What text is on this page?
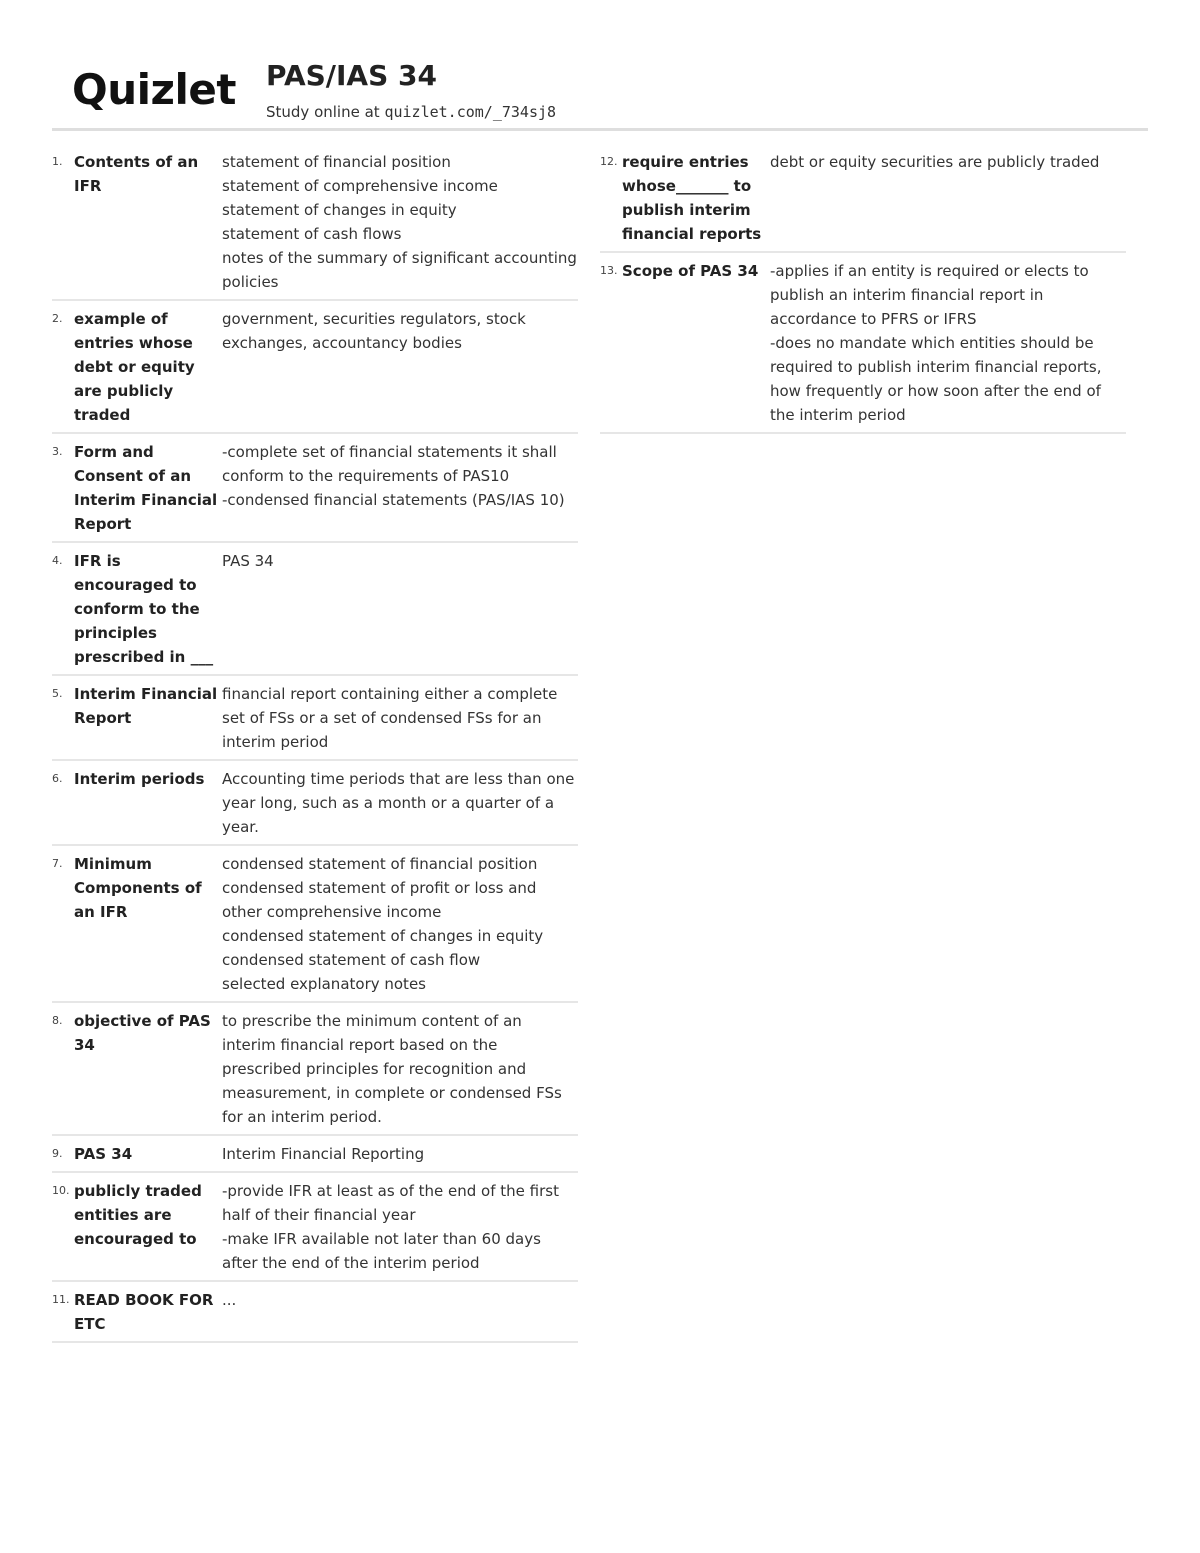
Quizlet PAS/IAS 34
Study online at quizlet.com/_734sj8
1. Contents of an IFR
statement of financial position
statement of comprehensive income
statement of changes in equity
statement of cash flows
notes of the summary of significant accounting policies
2. example of entries whose debt or equity are publicly traded
government, securities regulators, stock exchanges, accountancy bodies
3. Form and Consent of an Interim Financial Report
-complete set of financial statements it shall conform to the requirements of PAS10
-condensed financial statements (PAS/IAS 10)
4. IFR is encouraged to conform to the principles prescribed in ___
PAS 34
5. Interim Financial Report
financial report containing either a complete set of FSs or a set of condensed FSs for an interim period
6. Interim periods	Accounting time periods that are less than one year long, such as a month or a quarter of a year.
7. Minimum Components of an IFR
condensed statement of financial position
condensed statement of profit or loss and other comprehensive income
condensed statement of changes in equity
condensed statement of cash flow
selected explanatory notes
8. objective of PAS 34
to prescribe the minimum content of an interim financial report based on the prescribed principles for recognition and measurement, in complete or condensed FSs for an interim period.
9. PAS 34	Interim Financial Reporting
10. publicly traded entities are encouraged to
-provide IFR at least as of the end of the first half of their financial year
-make IFR available not later than 60 days after the end of the interim period
11. READ BOOK FOR ETC
...
12. require entries whose_______ to publish interim financial reports
debt or equity securities are publicly traded
13. Scope of PAS 34 -applies if an entity is required or elects to publish an interim financial report in accordance to PFRS or IFRS
-does no mandate which entities should be required to publish interim financial reports, how frequently or how soon after the end of the interim period
